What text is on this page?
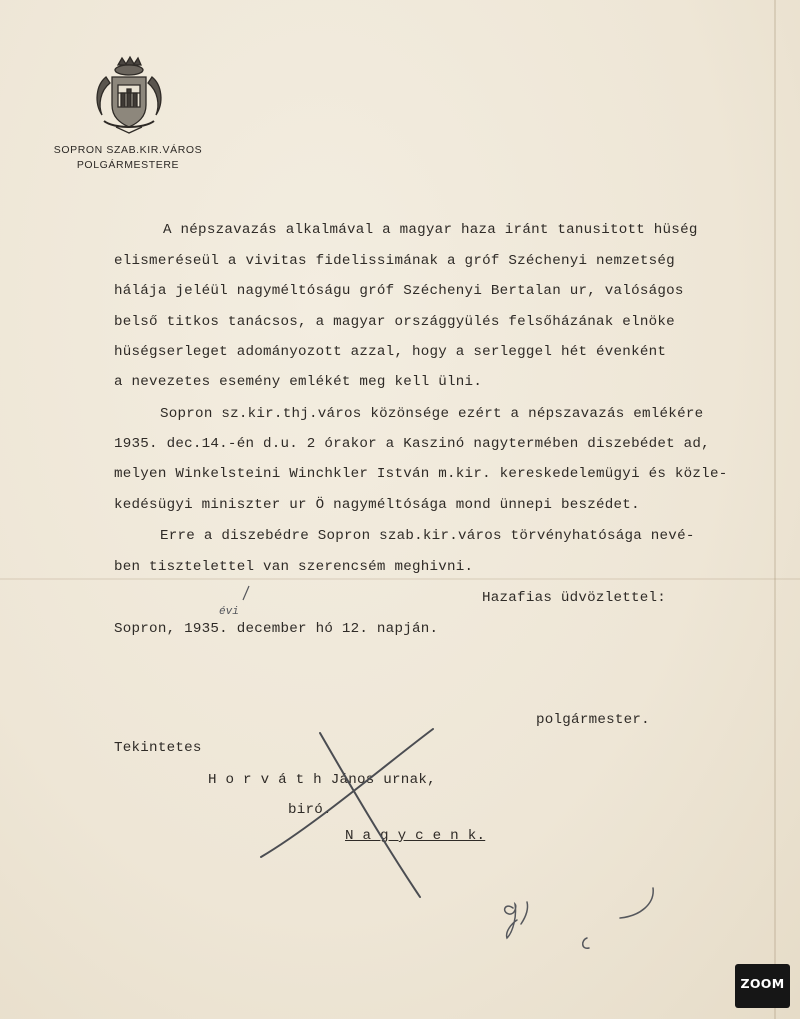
SOPRON SZAB.KIR.VÁROS
POLGÁRMESTERE
A népszavazás alkalmával a magyar haza iránt tanusitott hüség
elismeréseül a vivitas fidelissimának a gróf Széchenyi nemzetség
hálája jeléül nagyméltóságu gróf Széchenyi Bertalan ur, valóságos
belső titkos tanácsos, a magyar országgyülés felsőházának elnöke
hüségserleget adományozott azzal, hogy a serleggel hét évenként
a nevezetes esemény emlékét meg kell ülni.
Sopron sz.kir.thj.város közönsége ezért a népszavazás emlékére
1935. dec.14.-én d.u. 2 órakor a Kaszinó nagytermében diszebédet ad,
melyen Winkelsteini Winchkler István m.kir. kereskedelemügyi és közle-
kedésügyi miniszter ur Ö nagyméltósága mond ünnepi beszédet.
Erre a diszebédre Sopron szab.kir.város törvényhatósága nevé-
ben tisztelettel van szerencsém meghivni.
Hazafias üdvözlettel:
évi
Sopron, 1935. december hó 12. napján.
polgármester.
Tekintetes
H o r v á t h János urnak,
biró.
N a g y c e n k.
ZOOM
